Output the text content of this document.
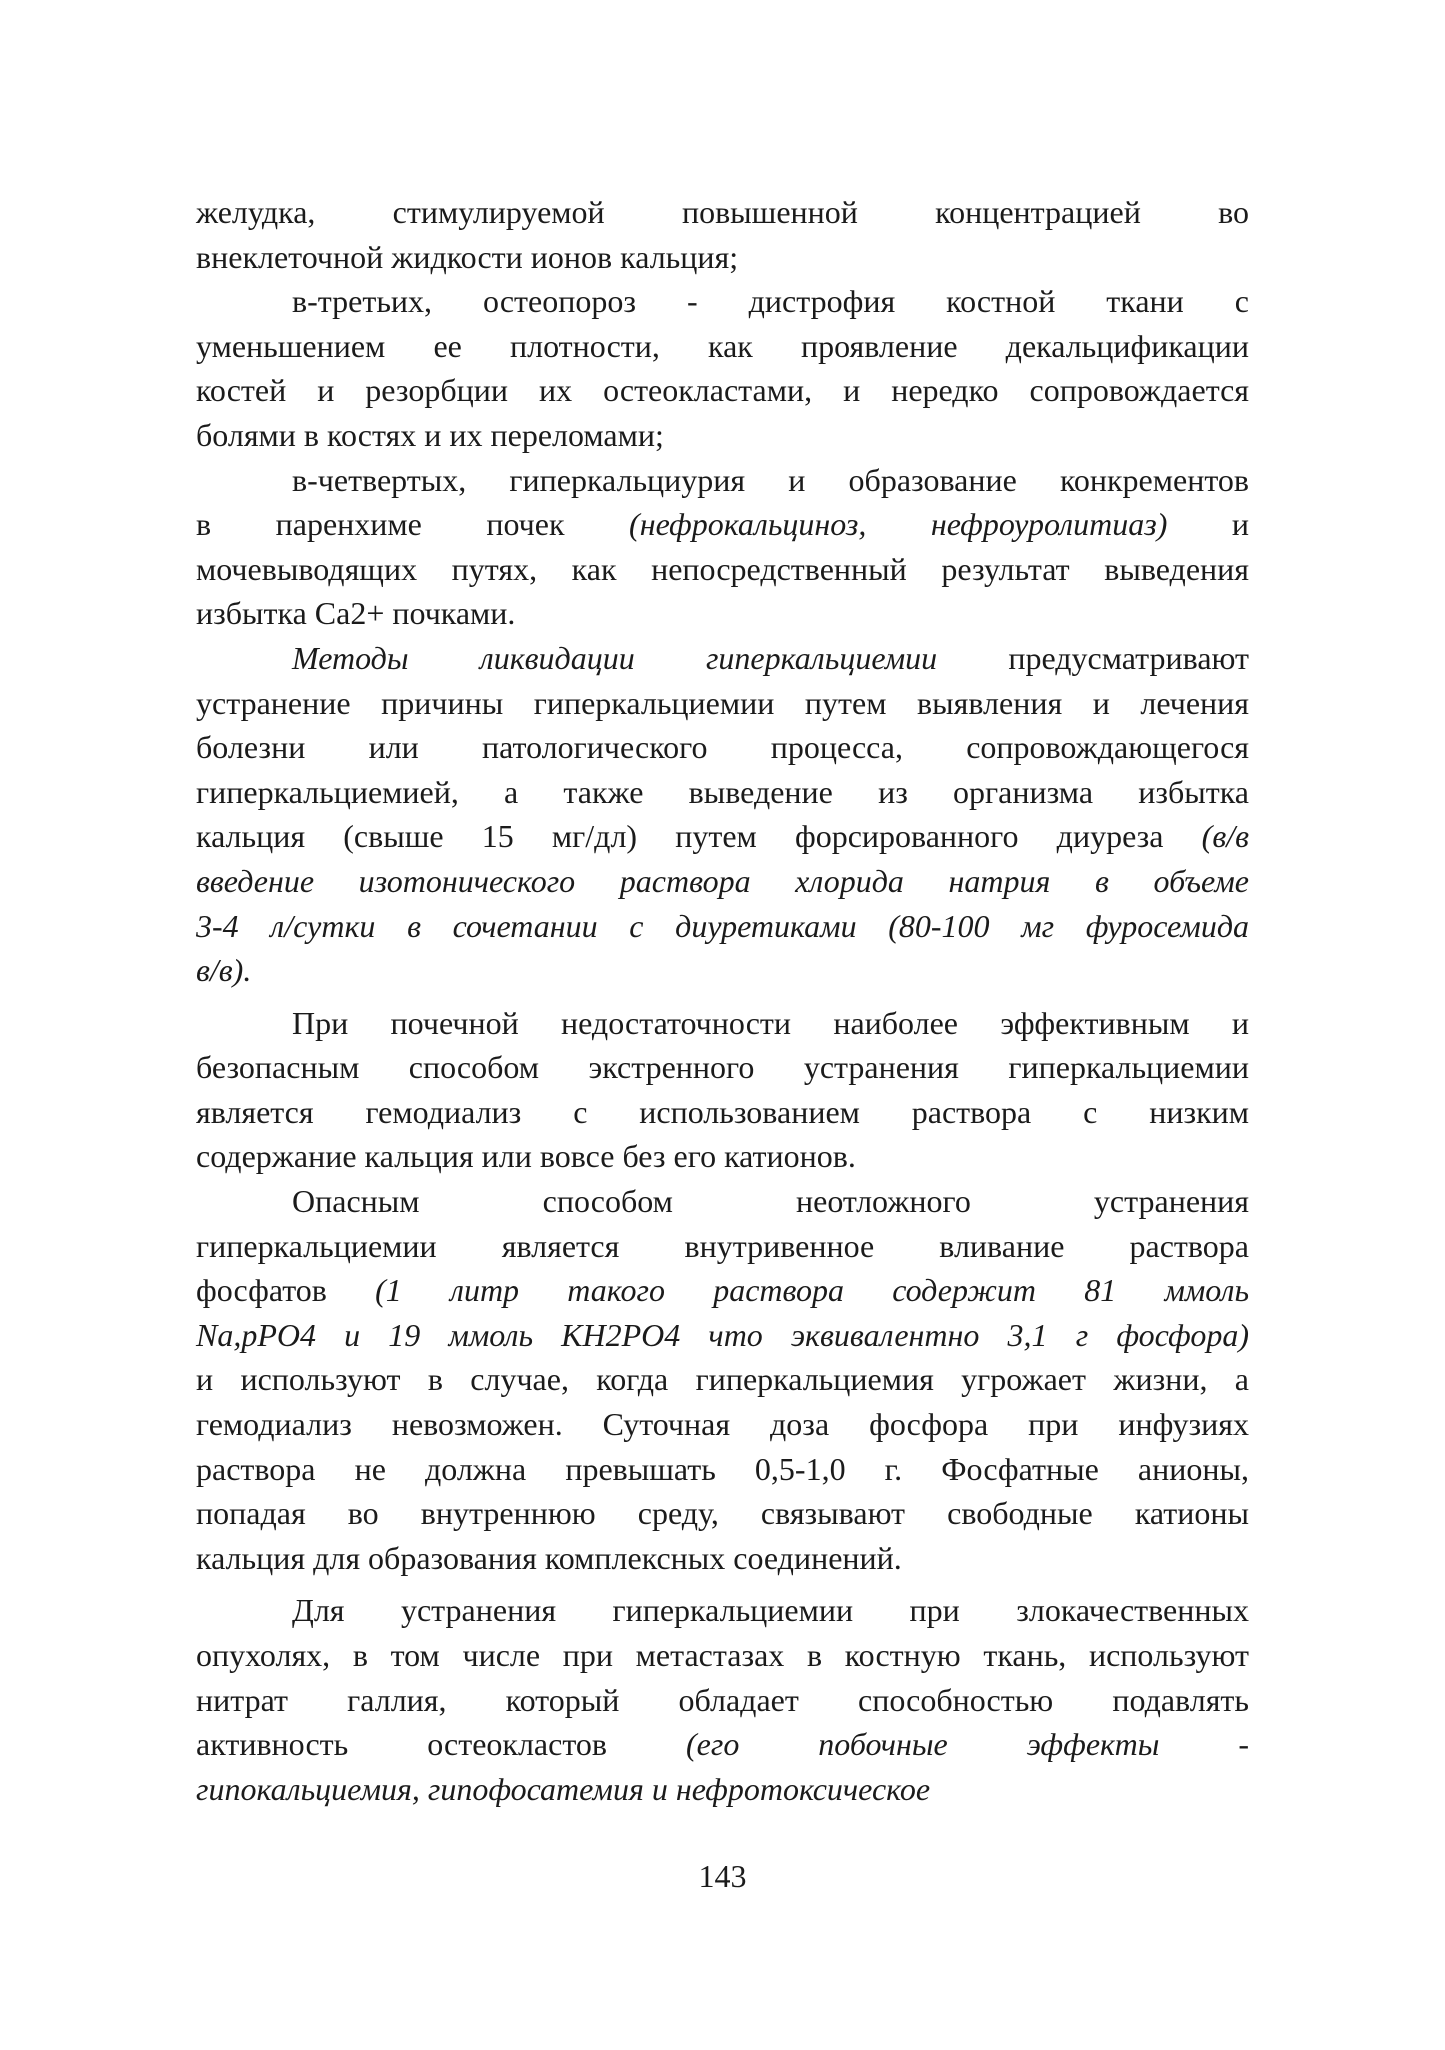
желудка, стимулируемой повышенной концентрацией во
внеклеточной жидкости ионов кальция;
в-третьих, остеопороз - дистрофия костной ткани с
уменьшением ее плотности, как проявление декальцификации
костей и резорбции их остеокластами, и нередко сопровождается
болями в костях и их переломами;
в-четвертых, гиперкальциурия и образование конкрементов
в паренхиме почек (нефрокальциноз, нефроуролитиаз) и
мочевыводящих путях, как непосредственный результат выведения
избытка Са2+ почками.
Методы ликвидации гиперкальциемии предусматривают
устранение причины гиперкальциемии путем выявления и лечения
болезни или патологического процесса, сопровождающегося
гиперкальциемией, а также выведение из организма избытка
кальция (свыше 15 мг/дл) путем форсированного диуреза (в/в
введение изотонического раствора хлорида натрия в объеме
3-4 л/сутки в сочетании с диуретиками (80-100 мг фуросемида
в/в).
При почечной недостаточности наиболее эффективным и
безопасным способом экстренного устранения гиперкальциемии
является гемодиализ с использованием раствора с низким
содержание кальция или вовсе без его катионов.
Опасным способом неотложного устранения
гиперкальциемии является внутривенное вливание раствора
фосфатов (1 литр такого раствора содержит 81 ммоль
Na,pPO4 и 19 ммоль KH2PO4 что эквивалентно 3,1 г фосфора)
и используют в случае, когда гиперкальциемия угрожает жизни, а
гемодиализ невозможен. Суточная доза фосфора при инфузиях
раствора не должна превышать 0,5-1,0 г. Фосфатные анионы,
попадая во внутреннюю среду, связывают свободные катионы
кальция для образования комплексных соединений.
Для устранения гиперкальциемии при злокачественных
опухолях, в том числе при метастазах в костную ткань, используют
нитрат галлия, который обладает способностью подавлять
активность остеокластов (его побочные эффекты -
гипокальциемия, гипофосатемия и нефротоксическое
143
